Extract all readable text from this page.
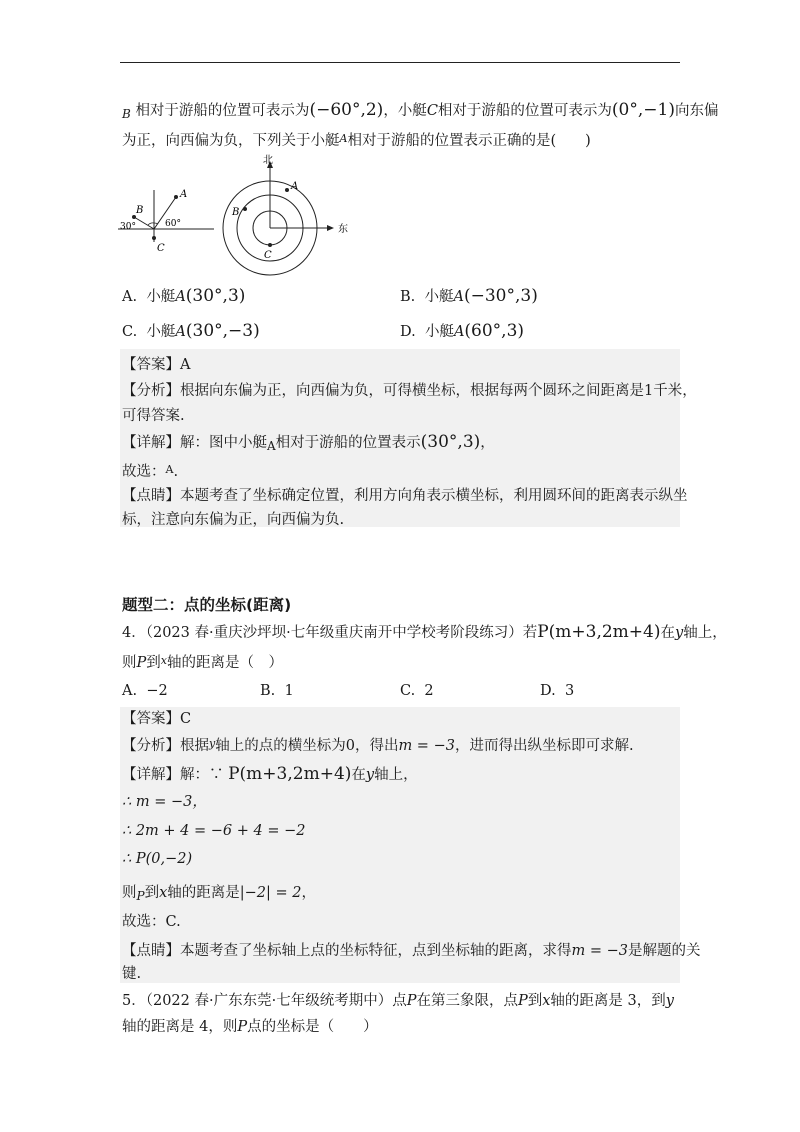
$_B$ 相对于游船的位置可表示为(−60°,2)，小艇C相对于游船的位置可表示为(0°,−1)向东偏
为正，向西偏为负，下列关于小艇$^A$相对于游船的位置表示正确的是(　　)
A
B
C
30°	60°
北
东
A
B
C
A. 小艇A(30°,3)	B. 小艇A(−30°,3)
C. 小艇A(30°,−3)	D. 小艇A(60°,3)
【答案】A
【分析】根据向东偏为正，向西偏为负，可得横坐标，根据每两个圆环之间距离是1千米，
可得答案.
【详解】解：图中小艇$_A$相对于游船的位置表示(30°,3)，
故选：$^A$.
【点睛】本题考查了坐标确定位置，利用方向角表示横坐标，利用圆环间的距离表示纵坐
标，注意向东偏为正，向西偏为负.
题型二：点的坐标(距离)
4．（2023 春·重庆沙坪坝·七年级重庆南开中学校考阶段练习）若P(m+3,2m+4)在y轴上，
则P到$^x$轴的距离是（　）
A. −2	B. 1	C. 2	D. 3
【答案】C
【分析】根据$^y$轴上的点的横坐标为0，得出m = −3，进而得出纵坐标即可求解.
【详解】解：∵ P(m+3,2m+4)在y轴上，
∴ m = −3，
∴ 2m + 4 = −6 + 4 = −2
∴ P(0,−2)
则$_P$到x轴的距离是|−2| = 2，
故选：C.
【点睛】本题考查了坐标轴上点的坐标特征，点到坐标轴的距离，求得m = −3是解题的关
键.
5．（2022 春·广东东莞·七年级统考期中）点P在第三象限，点P到x轴的距离是 3，到y
轴的距离是 4，则P点的坐标是（　　）
